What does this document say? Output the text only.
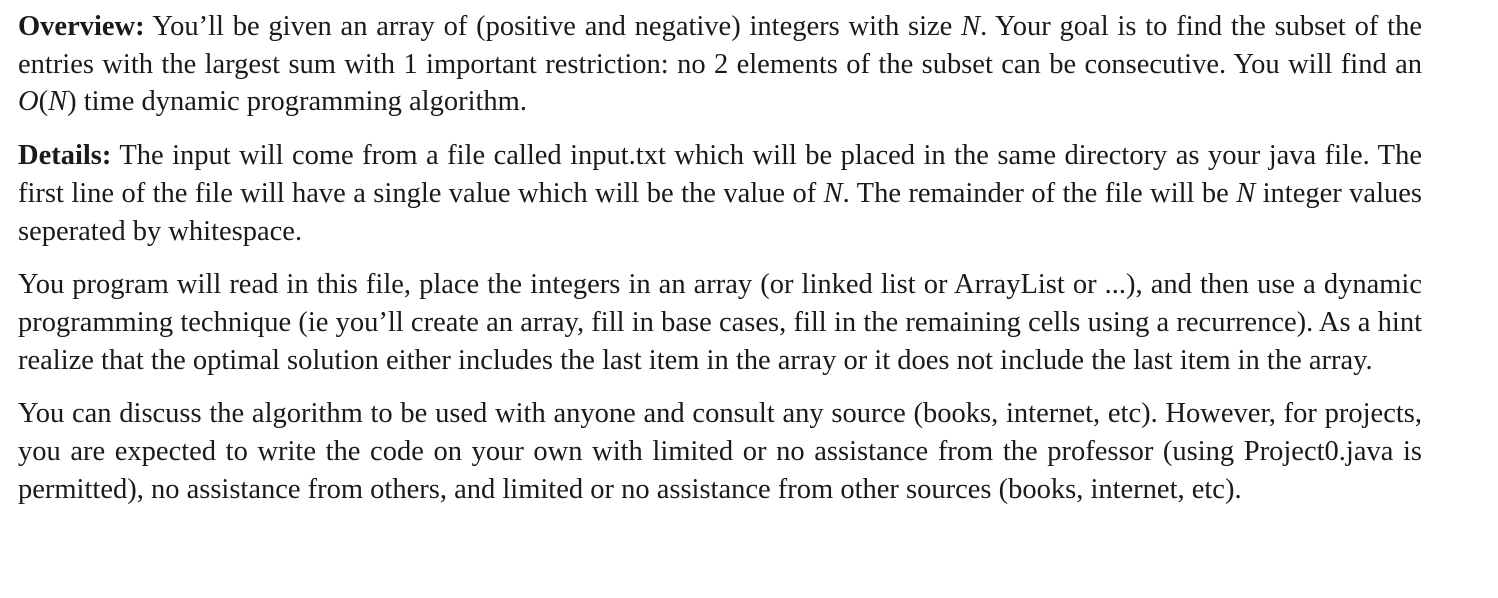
Overview: You’ll be given an array of (positive and negative) integers with size N. Your goal is to find the subset of the entries with the largest sum with 1 important restriction: no 2 elements of the subset can be consecutive. You will find an O(N) time dynamic programming algorithm.

Details: The input will come from a file called input.txt which will be placed in the same directory as your java file. The first line of the file will have a single value which will be the value of N. The remainder of the file will be N integer values seperated by whitespace.

You program will read in this file, place the integers in an array (or linked list or ArrayList or ...), and then use a dynamic programming technique (ie you’ll create an array, fill in base cases, fill in the remaining cells using a recurrence). As a hint realize that the optimal solution either includes the last item in the array or it does not include the last item in the array.

You can discuss the algorithm to be used with anyone and consult any source (books, internet, etc). However, for projects, you are expected to write the code on your own with limited or no assistance from the professor (using Project0.java is permitted), no assistance from others, and limited or no assistance from other sources (books, internet, etc).
